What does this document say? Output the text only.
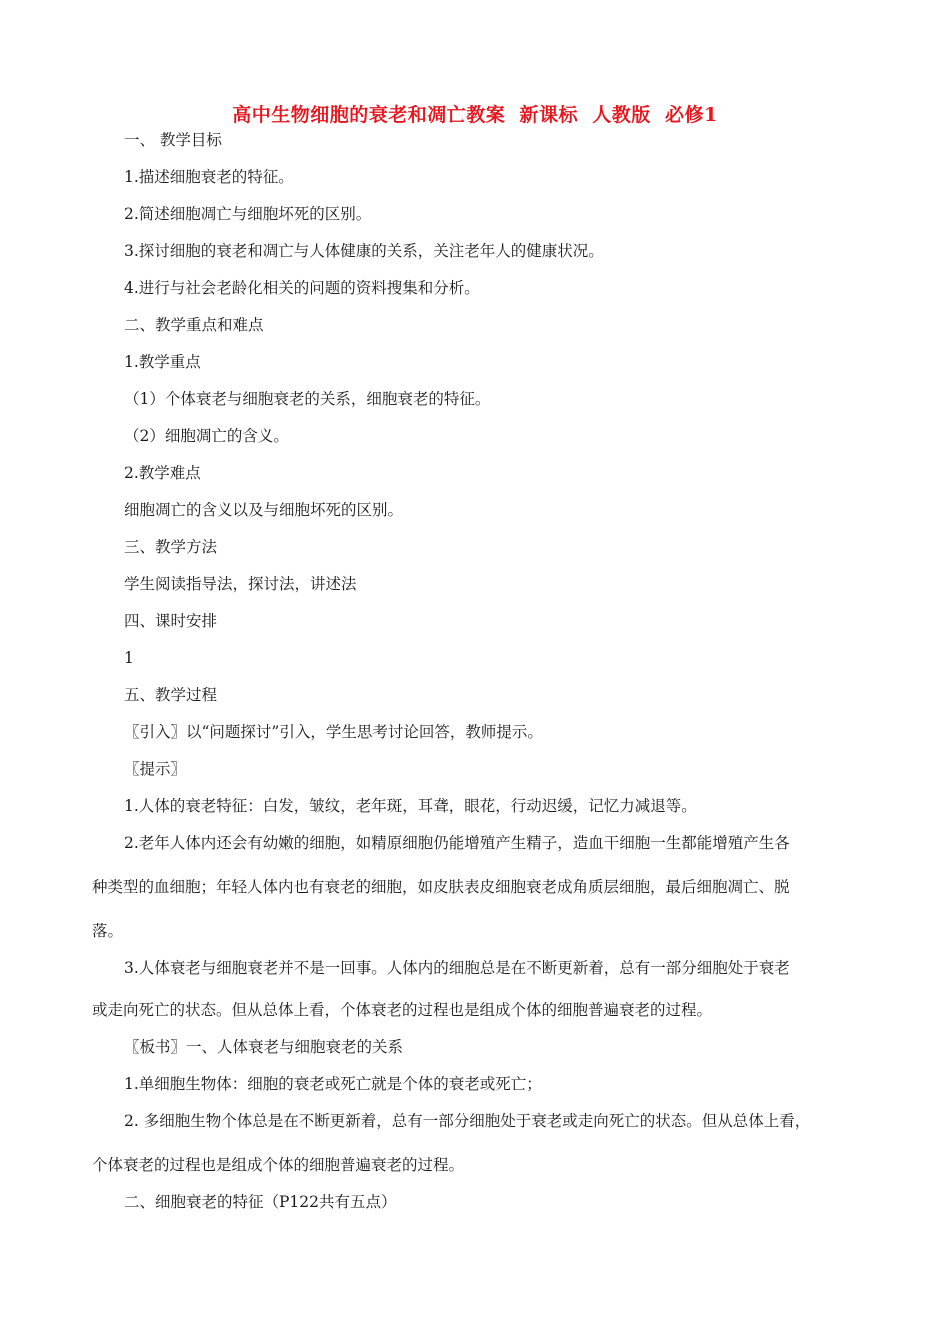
高中生物细胞的衰老和凋亡教案  新课标  人教版  必修1
一、 教学目标
1.描述细胞衰老的特征。
2.简述细胞凋亡与细胞坏死的区别。
3.探讨细胞的衰老和凋亡与人体健康的关系，关注老年人的健康状况。
4.进行与社会老龄化相关的问题的资料搜集和分析。
二、教学重点和难点
1.教学重点
（1）个体衰老与细胞衰老的关系，细胞衰老的特征。
（2）细胞凋亡的含义。
2.教学难点
细胞凋亡的含义以及与细胞坏死的区别。
三、教学方法
学生阅读指导法，探讨法，讲述法
四、课时安排
1
五、教学过程
〖引入〗以“问题探讨”引入，学生思考讨论回答，教师提示。
〖提示〗
1.人体的衰老特征：白发，皱纹，老年斑，耳聋，眼花，行动迟缓，记忆力减退等。
2.老年人体内还会有幼嫩的细胞，如精原细胞仍能增殖产生精子，造血干细胞一生都能增殖产生各
种类型的血细胞；年轻人体内也有衰老的细胞，如皮肤表皮细胞衰老成角质层细胞，最后细胞凋亡、脱
落。
3.人体衰老与细胞衰老并不是一回事。人体内的细胞总是在不断更新着，总有一部分细胞处于衰老
或走向死亡的状态。但从总体上看，个体衰老的过程也是组成个体的细胞普遍衰老的过程。
〖板书〗一、人体衰老与细胞衰老的关系
1.单细胞生物体：细胞的衰老或死亡就是个体的衰老或死亡；
2. 多细胞生物个体总是在不断更新着，总有一部分细胞处于衰老或走向死亡的状态。但从总体上看，
个体衰老的过程也是组成个体的细胞普遍衰老的过程。
二、细胞衰老的特征（P122共有五点）
